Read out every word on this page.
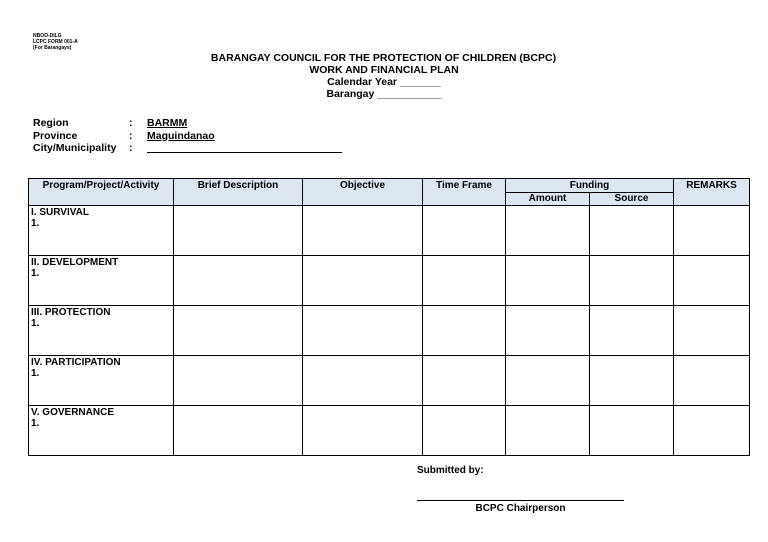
NBOO-DILG
LCPC FORM 001-A
(For Barangays)
BARANGAY COUNCIL FOR THE PROTECTION OF CHILDREN (BCPC)
WORK AND FINANCIAL PLAN
Calendar Year _______
Barangay ___________
Region	:	BARMM
Province	:	Maguindanao
City/Municipality	:
Program/Project/Activity	Brief Description	Objective	Time Frame	Funding		REMARKS
				Amount	Source	

I. SURVIVAL
1.						

II. DEVELOPMENT
1.						

III. PROTECTION
1.						

IV. PARTICIPATION
1.						

V. GOVERNANCE
1.						

Submitted by:
BCPC Chairperson
